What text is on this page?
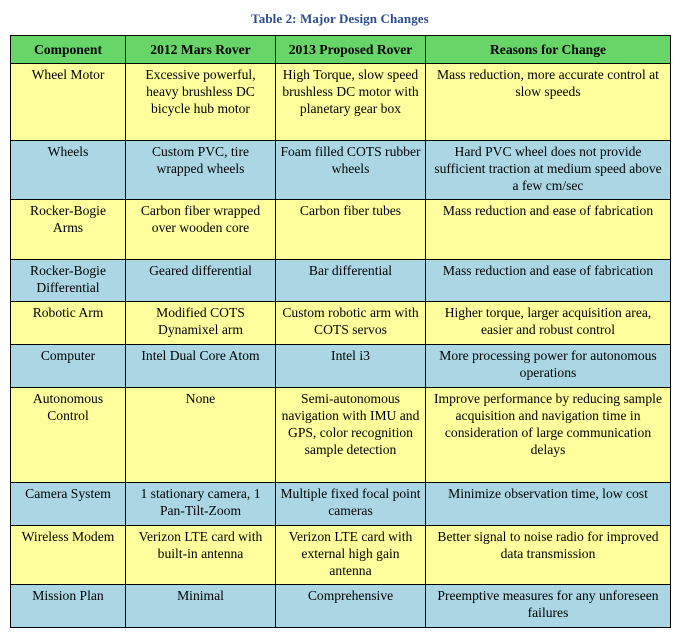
Table 2: Major Design Changes
Component	2012 Mars Rover	2013 Proposed Rover	Reasons for Change
Wheel Motor	Excessive powerful, heavy brushless DC bicycle hub motor	High Torque, slow speed brushless DC motor with planetary gear box	Mass reduction, more accurate control at slow speeds
Wheels	Custom PVC, tire wrapped wheels	Foam filled COTS rubber wheels	Hard PVC wheel does not provide sufficient traction at medium speed above a few cm/sec
Rocker-Bogie Arms	Carbon fiber wrapped over wooden core	Carbon fiber tubes	Mass reduction and ease of fabrication
Rocker-Bogie Differential	Geared differential	Bar differential	Mass reduction and ease of fabrication
Robotic Arm	Modified COTS Dynamixel arm	Custom robotic arm with COTS servos	Higher torque, larger acquisition area, easier and robust control
Computer	Intel Dual Core Atom	Intel i3	More processing power for autonomous operations
Autonomous Control	None	Semi-autonomous navigation with IMU and GPS, color recognition sample detection	Improve performance by reducing sample acquisition and navigation time in consideration of large communication delays
Camera System	1 stationary camera, 1 Pan-Tilt-Zoom	Multiple fixed focal point cameras	Minimize observation time, low cost
Wireless Modem	Verizon LTE card with built-in antenna	Verizon LTE card with external high gain antenna	Better signal to noise radio for improved data transmission
Mission Plan	Minimal	Comprehensive	Preemptive measures for any unforeseen failures
